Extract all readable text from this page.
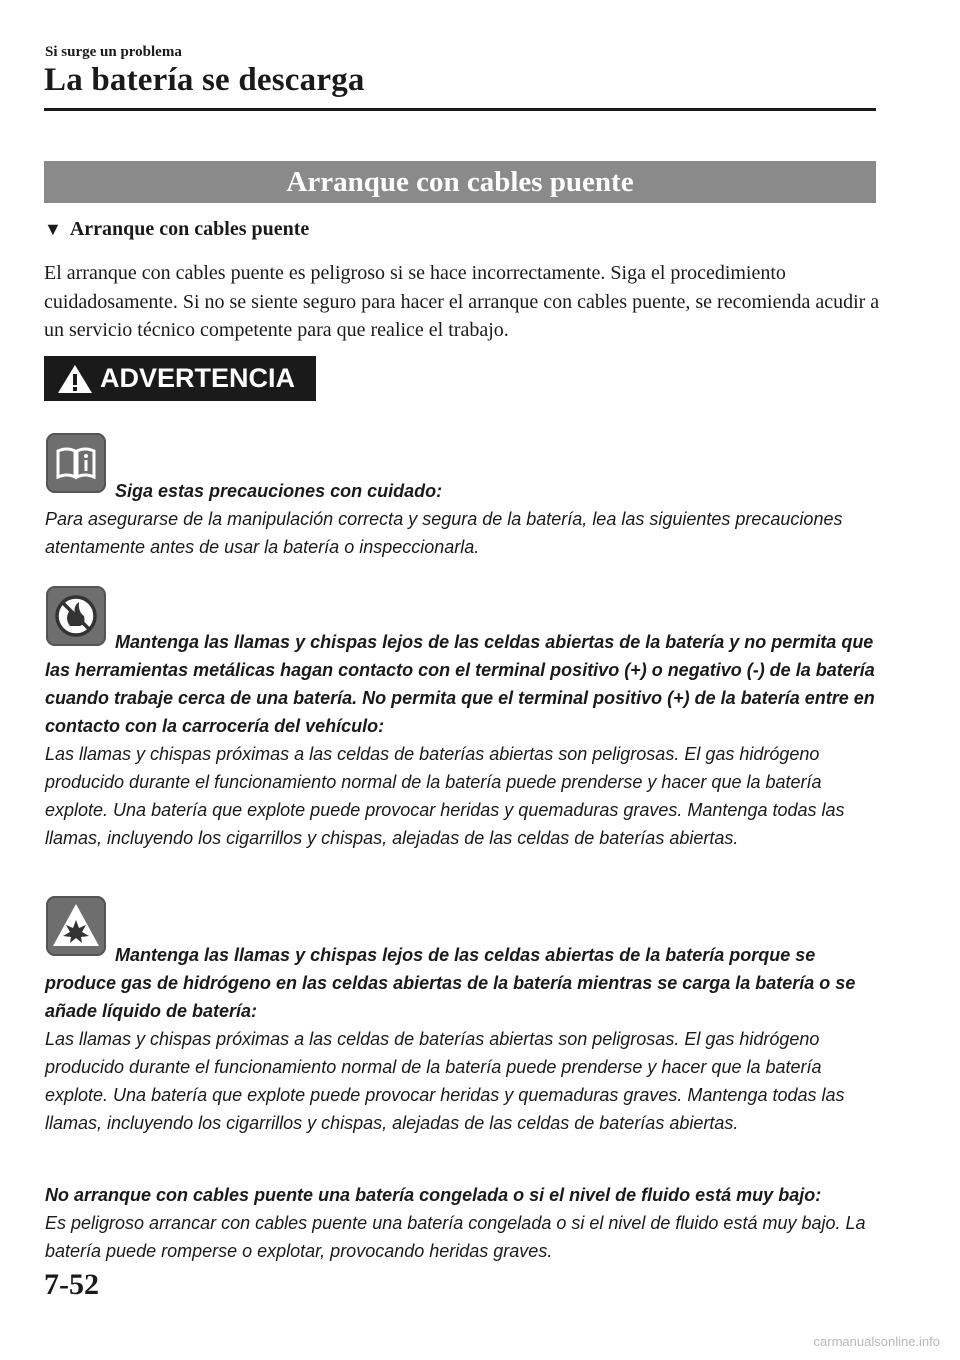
Si surge un problema
La batería se descarga
Arranque con cables puente
▼ Arranque con cables puente
El arranque con cables puente es peligroso si se hace incorrectamente. Siga el procedimiento cuidadosamente. Si no se siente seguro para hacer el arranque con cables puente, se recomienda acudir a un servicio técnico competente para que realice el trabajo.
ADVERTENCIA
Siga estas precauciones con cuidado:
Para asegurarse de la manipulación correcta y segura de la batería, lea las siguientes precauciones atentamente antes de usar la batería o inspeccionarla.
Mantenga las llamas y chispas lejos de las celdas abiertas de la batería y no permita que las herramientas metálicas hagan contacto con el terminal positivo (+) o negativo (-) de la batería cuando trabaje cerca de una batería. No permita que el terminal positivo (+) de la batería entre en contacto con la carrocería del vehículo:
Las llamas y chispas próximas a las celdas de baterías abiertas son peligrosas. El gas hidrógeno producido durante el funcionamiento normal de la batería puede prenderse y hacer que la batería explote. Una batería que explote puede provocar heridas y quemaduras graves. Mantenga todas las llamas, incluyendo los cigarrillos y chispas, alejadas de las celdas de baterías abiertas.
Mantenga las llamas y chispas lejos de las celdas abiertas de la batería porque se produce gas de hidrógeno en las celdas abiertas de la batería mientras se carga la batería o se añade líquido de batería:
Las llamas y chispas próximas a las celdas de baterías abiertas son peligrosas. El gas hidrógeno producido durante el funcionamiento normal de la batería puede prenderse y hacer que la batería explote. Una batería que explote puede provocar heridas y quemaduras graves. Mantenga todas las llamas, incluyendo los cigarrillos y chispas, alejadas de las celdas de baterías abiertas.
No arranque con cables puente una batería congelada o si el nivel de fluido está muy bajo:
Es peligroso arrancar con cables puente una batería congelada o si el nivel de fluido está muy bajo. La batería puede romperse o explotar, provocando heridas graves.
7-52
carmanualsonline.info
